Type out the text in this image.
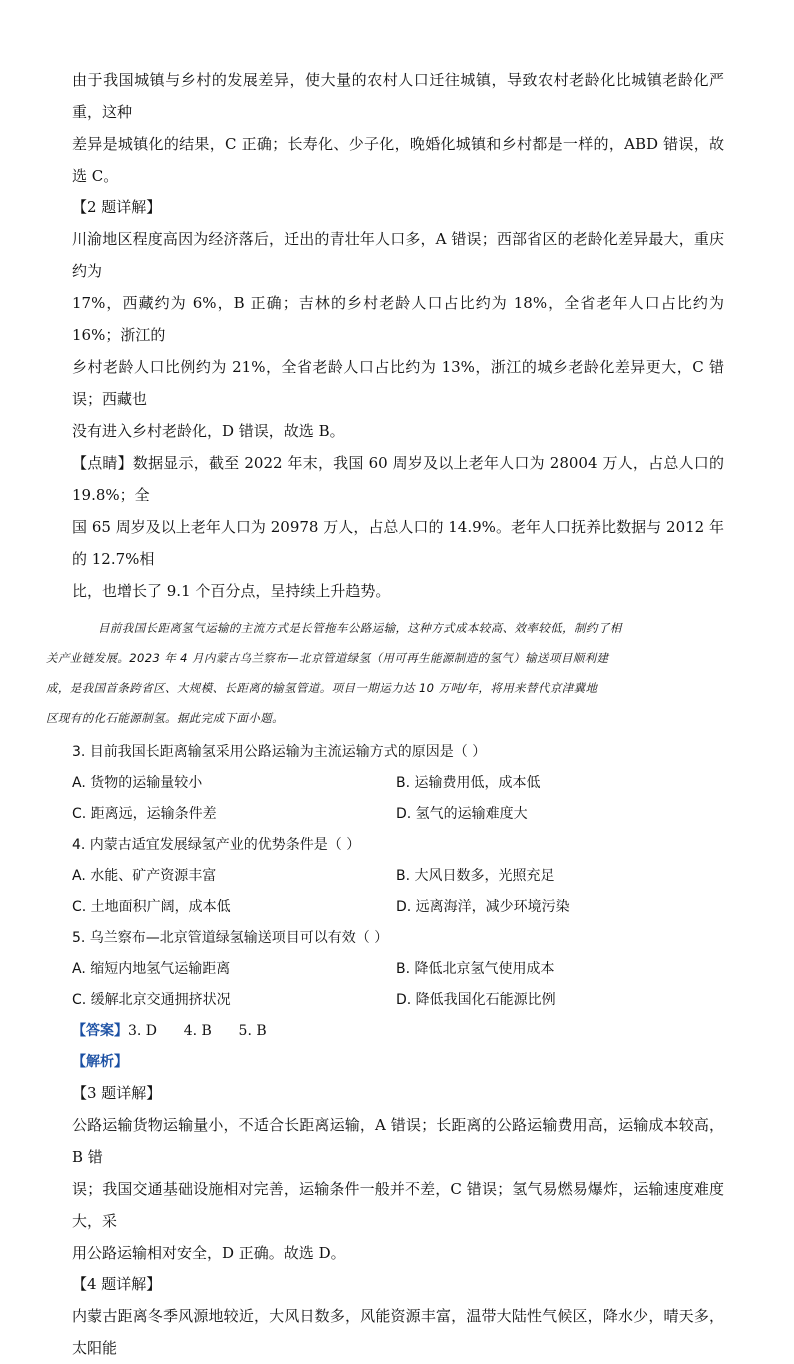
由于我国城镇与乡村的发展差异，使大量的农村人口迁往城镇，导致农村老龄化比城镇老龄化严重，这种
差异是城镇化的结果，C 正确；长寿化、少子化，晚婚化城镇和乡村都是一样的，ABD 错误，故选 C。

【2 题详解】

川渝地区程度高因为经济落后，迁出的青壮年人口多，A 错误；西部省区的老龄化差异最大，重庆约为
17%，西藏约为 6%，B 正确；吉林的乡村老龄人口占比约为 18%，全省老年人口占比约为 16%；浙江的
乡村老龄人口比例约为 21%，全省老龄人口占比约为 13%，浙江的城乡老龄化差异更大，C 错误；西藏也
没有进入乡村老龄化，D 错误，故选 B。

【点睛】数据显示，截至 2022 年末，我国 60 周岁及以上老年人口为 28004 万人，占总人口的 19.8%；全
国 65 周岁及以上老年人口为 20978 万人，占总人口的 14.9%。老年人口抚养比数据与 2012 年的 12.7%相
比，也增长了 9.1 个百分点，呈持续上升趋势。

目前我国长距离氢气运输的主流方式是长管拖车公路运输，这种方式成本较高、效率较低，制约了相
关产业链发展。2023 年 4 月内蒙古乌兰察布—北京管道绿氢（用可再生能源制造的氢气）输送项目顺利建
成，是我国首条跨省区、大规模、长距离的输氢管道。项目一期运力达 10 万吨/年，将用来替代京津冀地
区现有的化石能源制氢。据此完成下面小题。

3. 目前我国长距离输氢采用公路运输为主流运输方式的原因是（ ）

A. 货物的运输量较小	B. 运输费用低，成本低
C. 距离远，运输条件差	D. 氢气的运输难度大

4. 内蒙古适宜发展绿氢产业的优势条件是（ ）

A. 水能、矿产资源丰富	B. 大风日数多，光照充足
C. 土地面积广阔，成本低	D. 远离海洋，减少环境污染

5. 乌兰察布—北京管道绿氢输送项目可以有效（ ）

A. 缩短内地氢气运输距离	B. 降低北京氢气使用成本
C. 缓解北京交通拥挤状况	D. 降低我国化石能源比例

【答案】3. D      4. B      5. B

【解析】

【3 题详解】

公路运输货物运输量小，不适合长距离运输，A 错误；长距离的公路运输费用高，运输成本较高，B 错
误；我国交通基础设施相对完善，运输条件一般并不差，C 错误；氢气易燃易爆炸，运输速度难度大，采
用公路运输相对安全，D 正确。故选 D。

【4 题详解】

内蒙古距离冬季风源地较近，大风日数多，风能资源丰富，温带大陆性气候区，降水少，晴天多，太阳能
